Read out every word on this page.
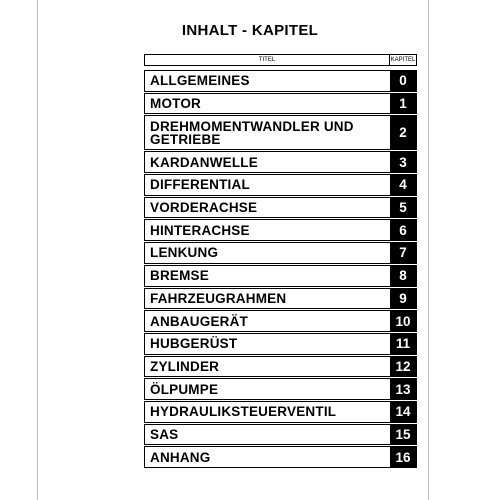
INHALT - KAPITEL
TITEL	KAPITEL
ALLGEMEINES	0
MOTOR	1
DREHMOMENTWANDLER UND GETRIEBE	2
KARDANWELLE	3
DIFFERENTIAL	4
VORDERACHSE	5
HINTERACHSE	6
LENKUNG	7
BREMSE	8
FAHRZEUGRAHMEN	9
ANBAUGERÄT	10
HUBGERÜST	11
ZYLINDER	12
ÖLPUMPE	13
HYDRAULIKSTEUERVENTIL	14
SAS	15
ANHANG	16
